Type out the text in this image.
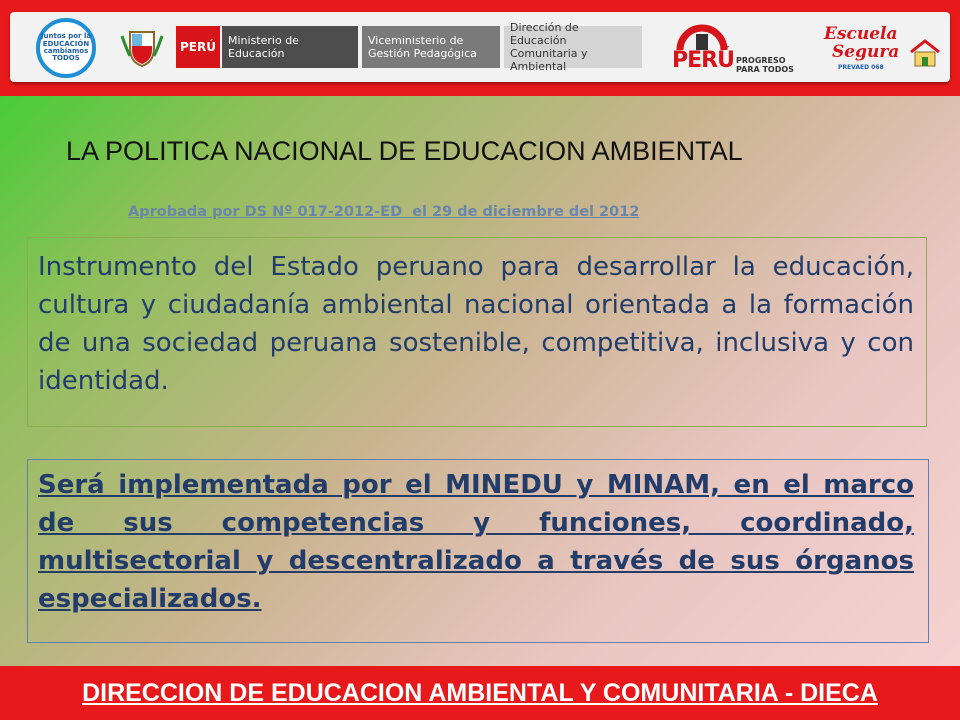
Juntos por la EDUCACIÓN cambiamos TODOS
PERÚ	Ministerio de Educación
Viceministerio de Gestión Pedagógica
Dirección de Educación Comunitaria y Ambiental	PERÚ PROGRESO PARA TODOS
Escuela
Segura
PREVAED 068
LA POLITICA NACIONAL DE EDUCACION AMBIENTAL
Aprobada por DS Nº 017-2012-ED  el 29 de diciembre del 2012

Instrumento del Estado peruano para desarrollar la educación, cultura y ciudadanía ambiental nacional orientada a la formación de una sociedad peruana sostenible, competitiva, inclusiva y con identidad.

Será implementada por el MINEDU y MINAM, en el marco de sus competencias y funciones, coordinado, multisectorial y descentralizado a través de sus órganos especializados.

DIRECCION DE EDUCACION AMBIENTAL Y COMUNITARIA - DIECA
